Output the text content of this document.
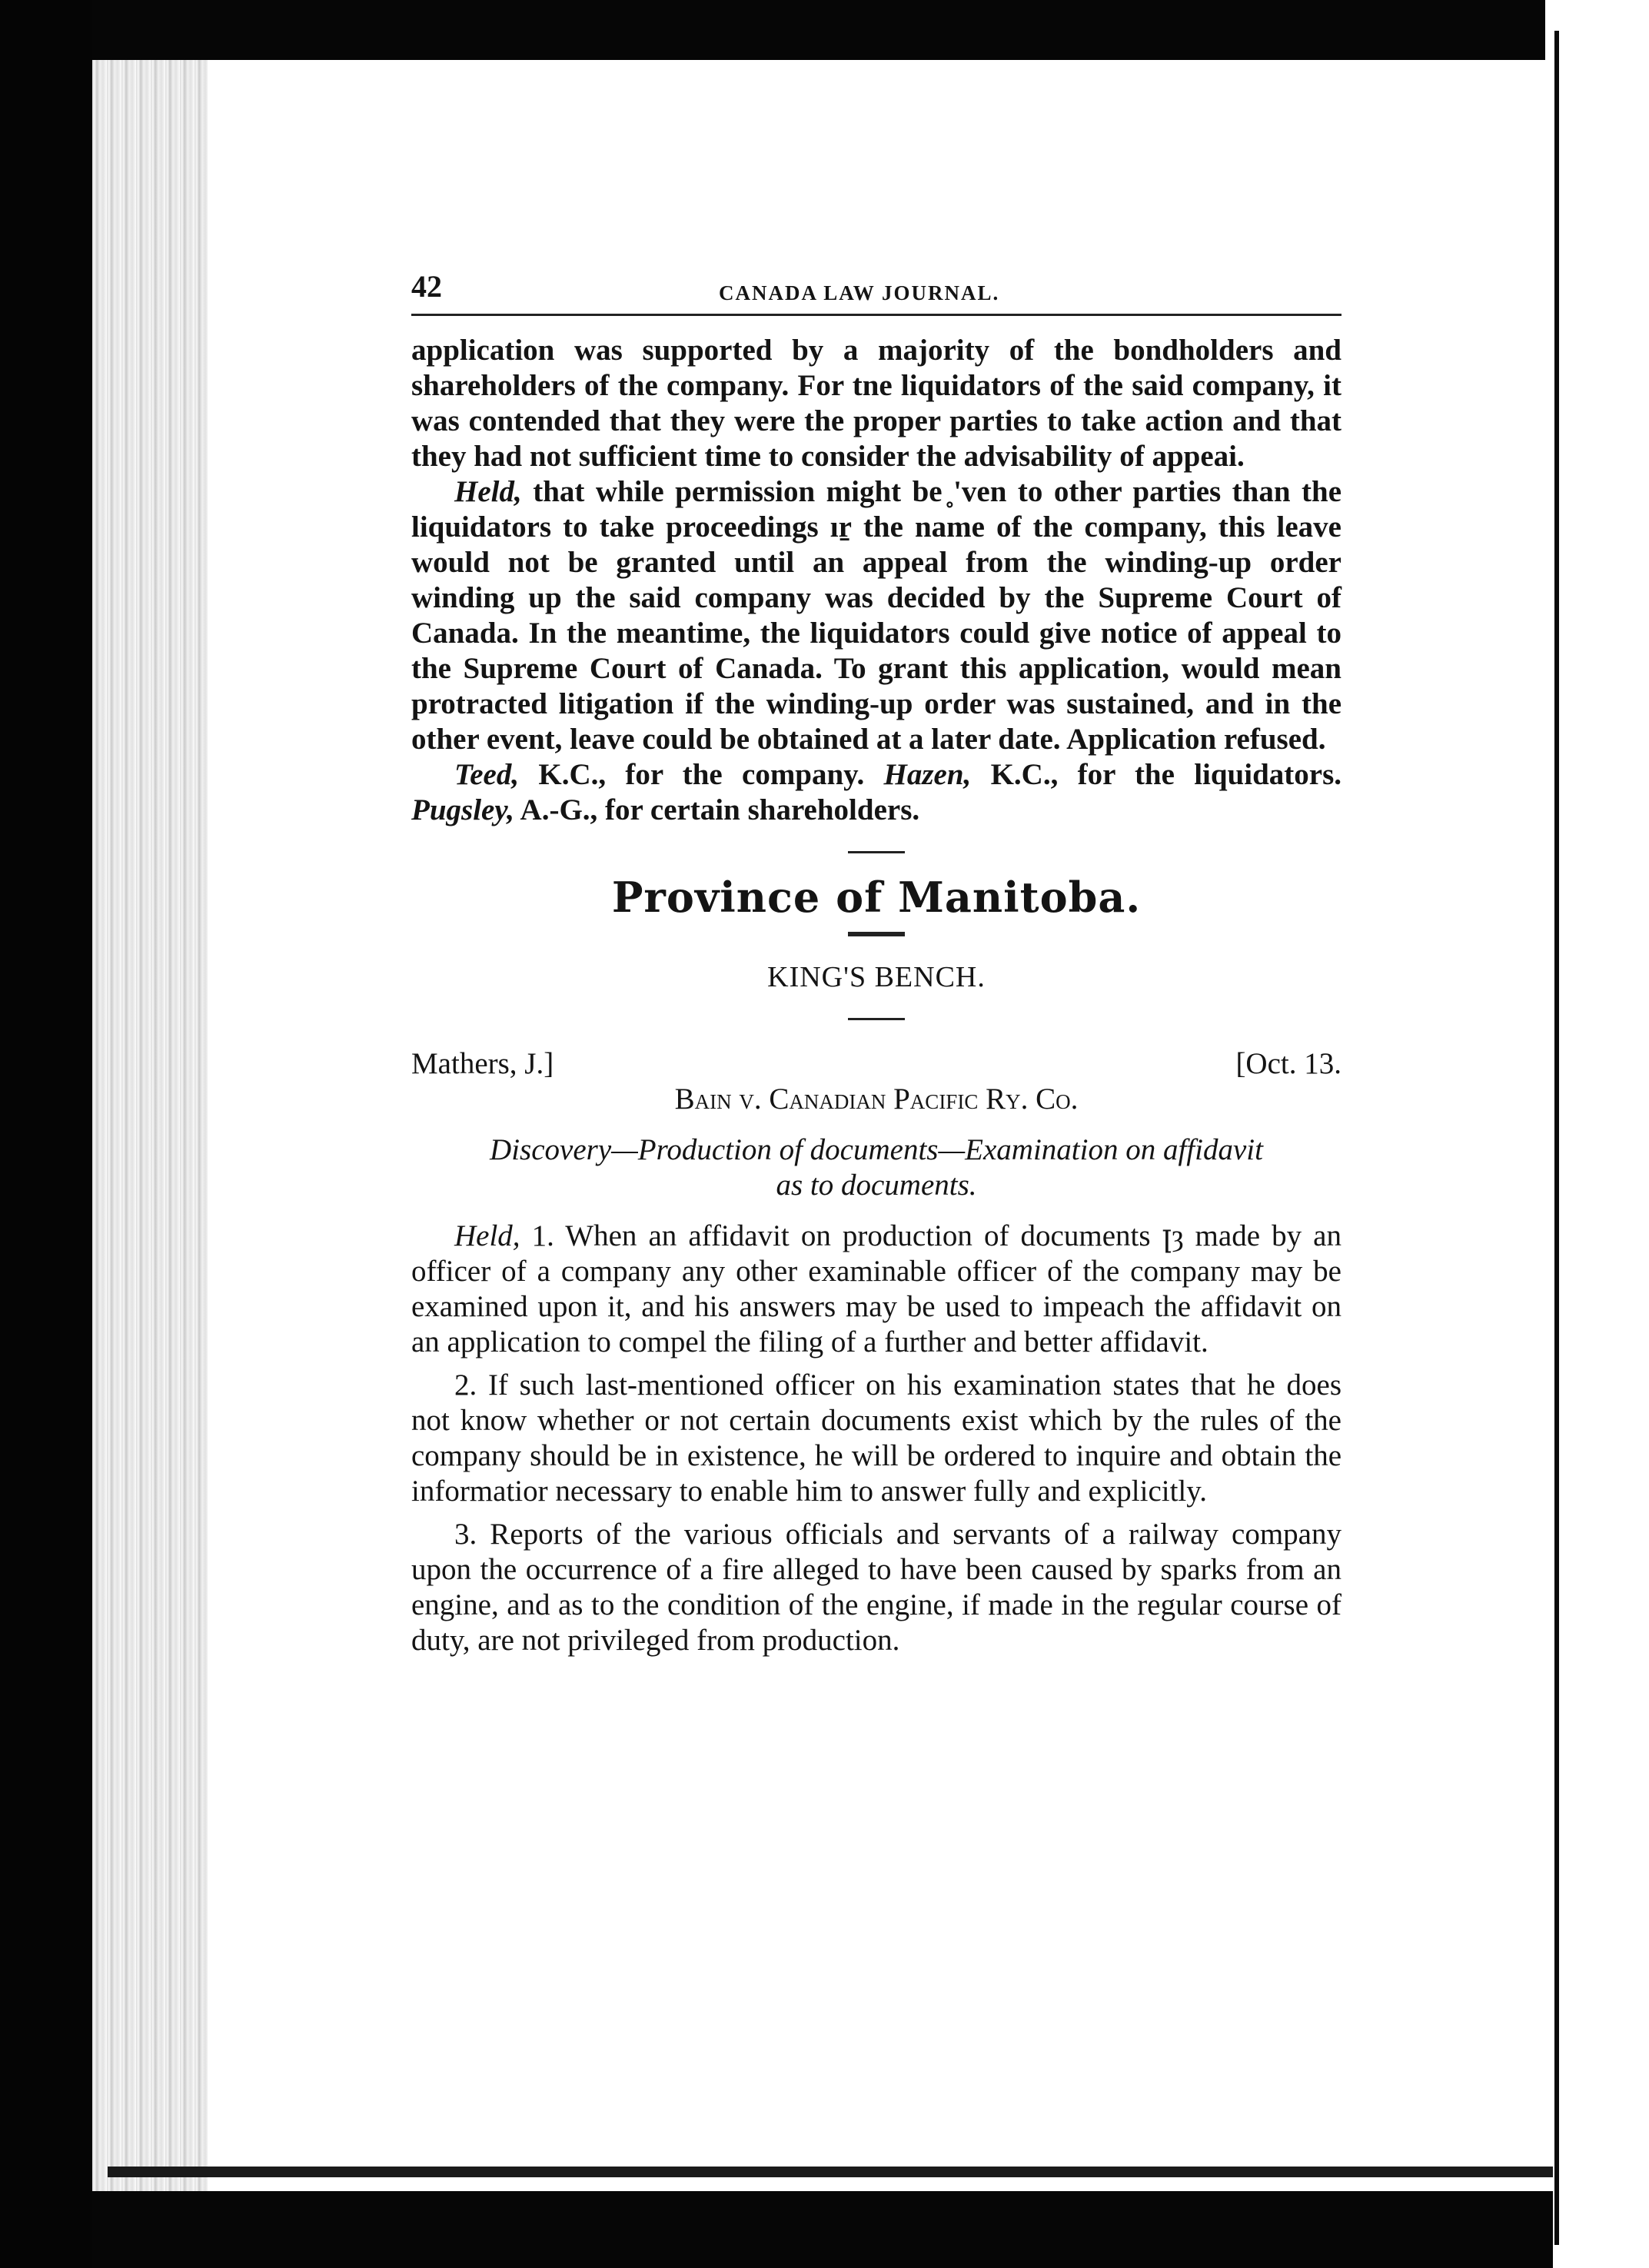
42	CANADA LAW JOURNAL.

application was supported by a majority of the bondholders and shareholders of the company. For tne liquidators of the said company, it was contended that they were the proper parties to take action and that they had not sufficient time to consider the advisability of appeai.

Held, that while permission might be ̥'ven to other parties than the liquidators to take proceedings ıṟ the name of the company, this leave would not be granted until an appeal from the winding-up order winding up the said company was decided by the Supreme Court of Canada. In the meantime, the liquidators could give notice of appeal to the Supreme Court of Canada. To grant this application, would mean protracted litigation if the winding-up order was sustained, and in the other event, leave could be obtained at a later date. Application refused.

Teed, K.C., for the company. Hazen, K.C., for the liquidators. Pugsley, A.-G., for certain shareholders.

Province of Manitoba.
KING'S BENCH.
Mathers, J.]	[Oct. 13.
Bain v. Canadian Pacific Ry. Co.
Discovery—Production of documents—Examination on affidavit
as to documents.

Held, 1. When an affidavit on production of documents ꞁȝ made by an officer of a company any other examinable officer of the company may be examined upon it, and his answers may be used to impeach the affidavit on an application to compel the filing of a further and better affidavit.

2. If such last-mentioned officer on his examination states that he does not know whether or not certain documents exist which by the rules of the company should be in existence, he will be ordered to inquire and obtain the informatior necessary to enable him to answer fully and explicitly.

3. Reports of the various officials and servants of a railway company upon the occurrence of a fire alleged to have been caused by sparks from an engine, and as to the condition of the engine, if made in the regular course of duty, are not privileged from production.
